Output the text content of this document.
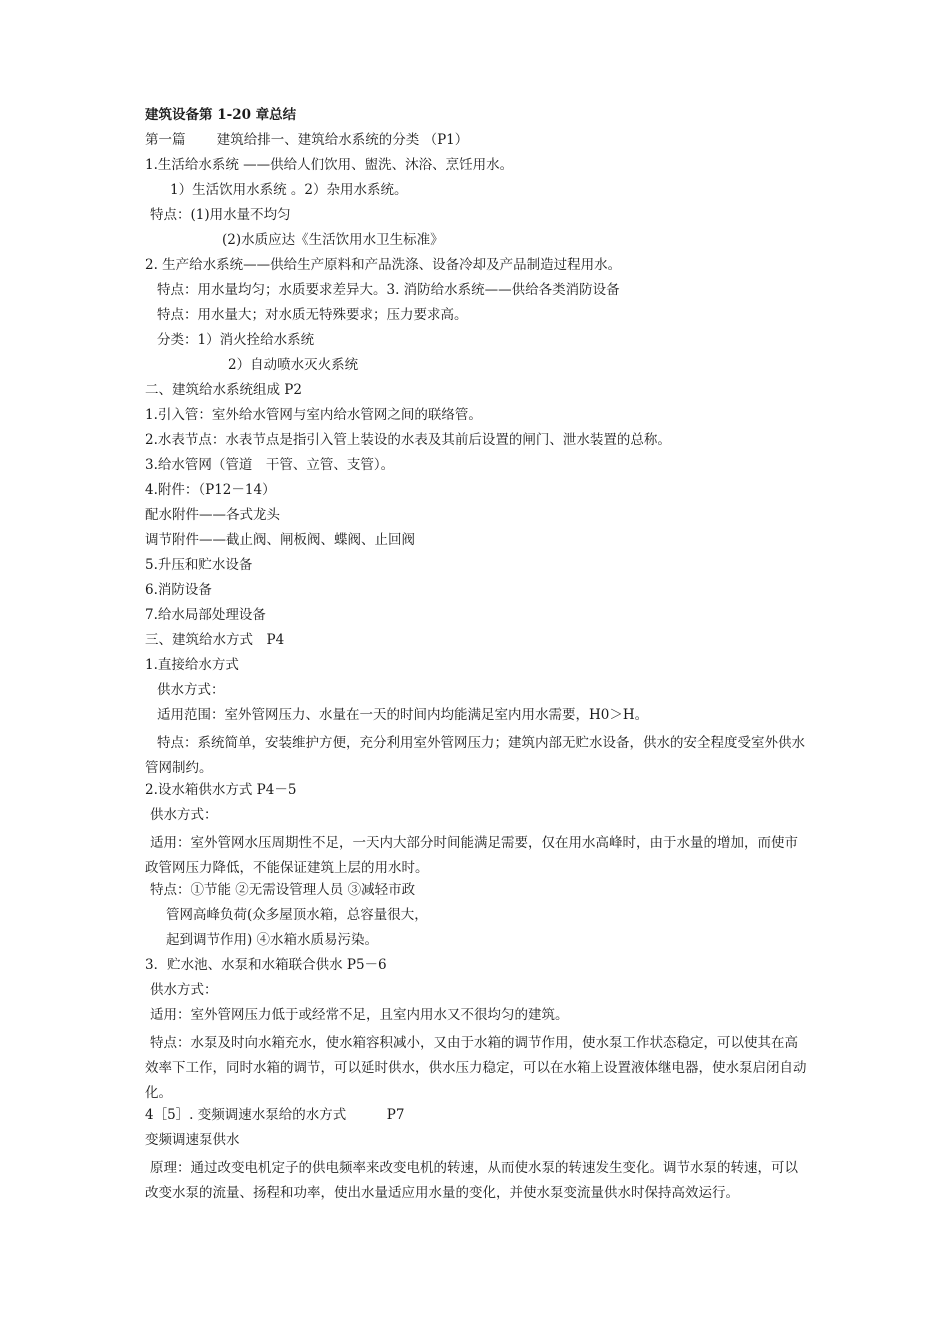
建筑设备第 1-20 章总结
第一篇　　 建筑给排一、建筑给水系统的分类 （P1）
1.生活给水系统 ——供给人们饮用、盥洗、沐浴、烹饪用水。
1）生活饮用水系统 。2）杂用水系统。
特点：(1)用水量不均匀
(2)水质应达《生活饮用水卫生标准》
2. 生产给水系统——供给生产原料和产品洗涤、设备冷却及产品制造过程用水。
特点：用水量均匀；水质要求差异大。3. 消防给水系统——供给各类消防设备
特点：用水量大；对水质无特殊要求；压力要求高。
分类：1）消火拴给水系统
2）自动喷水灭火系统
二、建筑给水系统组成 P2
1.引入管：室外给水管网与室内给水管网之间的联络管。
2.水表节点：水表节点是指引入管上装设的水表及其前后设置的闸门、泄水装置的总称。
3.给水管网（管道　干管、立管、支管）。
4.附件：（P12－14）
配水附件——各式龙头
调节附件——截止阀、闸板阀、蝶阀、止回阀
5.升压和贮水设备
6.消防设备
7.给水局部处理设备
三、建筑给水方式　P4
1.直接给水方式
供水方式：
适用范围：室外管网压力、水量在一天的时间内均能满足室内用水需要，H0＞H。
特点：系统简单，安装维护方便，充分利用室外管网压力；建筑内部无贮水设备，供水的安全程度受室外供水管网制约。
2.设水箱供水方式 P4－5
供水方式：
适用：室外管网水压周期性不足，一天内大部分时间能满足需要，仅在用水高峰时，由于水量的增加，而使市政管网压力降低，不能保证建筑上层的用水时。
特点：①节能 ②无需设管理人员 ③减轻市政
管网高峰负荷(众多屋顶水箱，总容量很大，
起到调节作用) ④水箱水质易污染。
3．贮水池、水泵和水箱联合供水 P5－6
供水方式：
适用：室外管网压力低于或经常不足，且室内用水又不很均匀的建筑。
特点：水泵及时向水箱充水，使水箱容积减小，又由于水箱的调节作用，使水泵工作状态稳定，可以使其在高效率下工作，同时水箱的调节，可以延时供水，供水压力稳定，可以在水箱上设置液体继电器，使水泵启闭自动化。
4［5］. 变频调速水泵给的水方式　　　P7
变频调速泵供水
原理：通过改变电机定子的供电频率来改变电机的转速，从而使水泵的转速发生变化。调节水泵的转速，可以改变水泵的流量、扬程和功率，使出水量适应用水量的变化，并使水泵变流量供水时保持高效运行。
